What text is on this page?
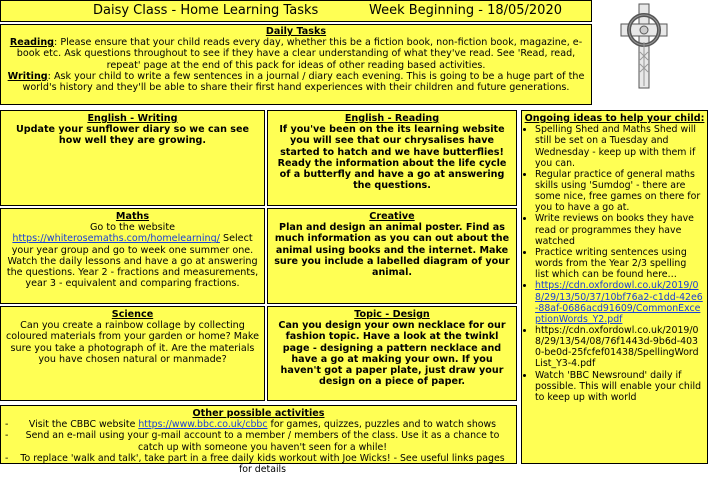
Daisy Class - Home Learning Tasks	Week Beginning - 18/05/2020
Daily Tasks

Reading: Please ensure that your child reads every day, whether this be a fiction book, non-fiction book, magazine, e-book etc. Ask questions throughout to see if they have a clear understanding of what they've read. See 'Read, read, repeat' page at the end of this pack for ideas of other reading based activities.

Writing: Ask your child to write a few sentences in a journal / diary each evening. This is going to be a huge part of the world's history and they'll be able to share their first hand experiences with their children and future generations.

English - Writing
Update your sunflower diary so we can see how well they are growing.
English - Reading
If you've been on the its learning website you will see that our chrysalises have started to hatch and we have butterflies! Ready the information about the life cycle of a butterfly and have a go at answering the questions.
Maths
Go to the website https://whiterosemaths.com/homelearning/ Select your year group and go to week one summer one. Watch the daily lessons and have a go at answering the questions. Year 2 - fractions and measurements, year 3 - equivalent and comparing fractions.
Creative
Plan and design an animal poster. Find as much information as you can out about the animal using books and the internet. Make sure you include a labelled diagram of your animal.
Science
Can you create a rainbow collage by collecting coloured materials from your garden or home? Make sure you take a photograph of it. Are the materials you have chosen natural or manmade?
Topic - Design
Can you design your own necklace for our fashion topic. Have a look at the twinkl page - designing a pattern necklace and have a go at making your own. If you haven't got a paper plate, just draw your design on a piece of paper.
Ongoing ideas to help your child:
• Spelling Shed and Maths Shed will still be set on a Tuesday and Wednesday - keep up with them if you can.
• Regular practice of general maths skills using 'Sumdog' - there are some nice, free games on there for you to have a go at.
• Write reviews on books they have read or programmes they have watched
• Practice writing sentences using words from the Year 2/3 spelling list which can be found here…
• https://cdn.oxfordowl.co.uk/2019/08/29/13/50/37/10bf76a2-c1dd-42e6-88af-0686acd91609/CommonExceptionWords_Y2.pdf
• https://cdn.oxfordowl.co.uk/2019/08/29/13/54/08/76f1443d-9b6d-4030-be0d-25fcfef01438/SpellingWordList_Y3-4.pdf
• Watch 'BBC Newsround' daily if possible. This will enable your child to keep up with world
Other possible activities
- Visit the CBBC website https://www.bbc.co.uk/cbbc for games, quizzes, puzzles and to watch shows
- Send an e-mail using your g-mail account to a member / members of the class. Use it as a chance to catch up with someone you haven't seen for a while!
- To replace 'walk and talk', take part in a free daily kids workout with Joe Wicks! - See useful links pages for details
